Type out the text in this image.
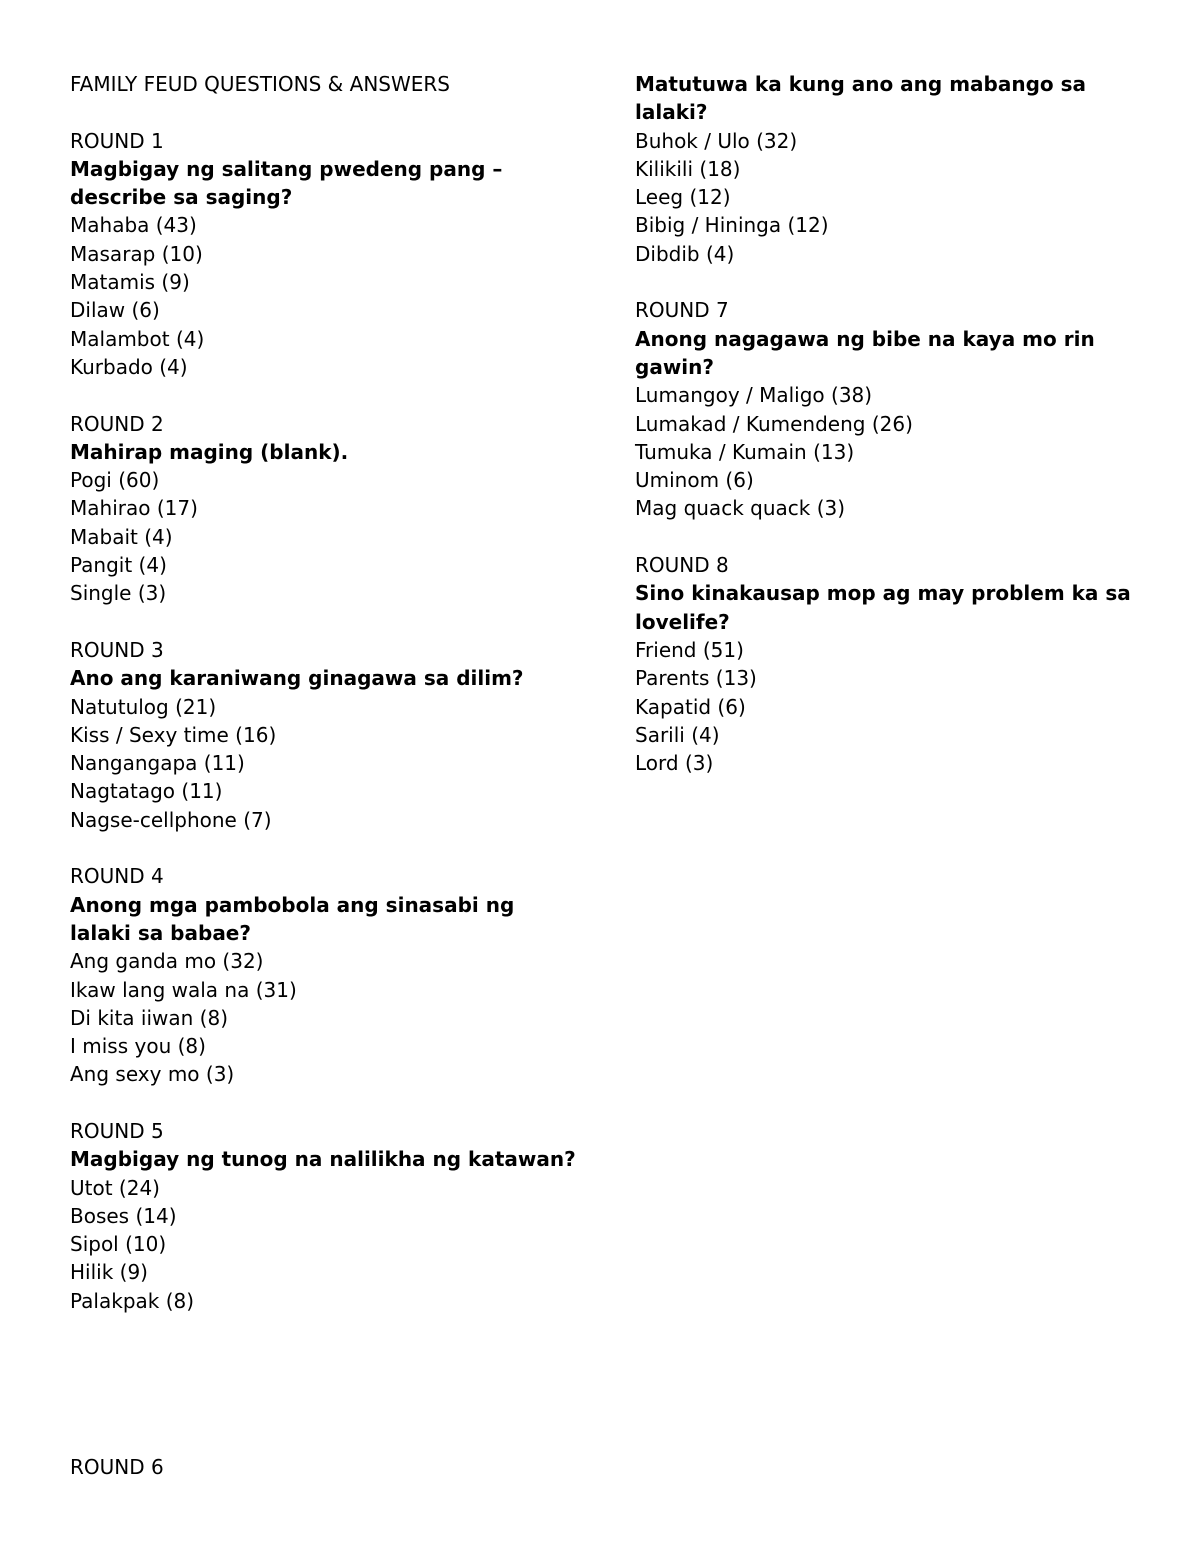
FAMILY FEUD QUESTIONS & ANSWERS

ROUND 1

Magbigay ng salitang pwedeng pang – describe sa saging?

Mahaba (43)

Masarap (10)

Matamis (9)

Dilaw (6)

Malambot (4)

Kurbado (4)

ROUND 2

Mahirap maging (blank).

Pogi (60)

Mahirao (17)

Mabait (4)

Pangit (4)

Single (3)

ROUND 3

Ano ang karaniwang ginagawa sa dilim?

Natutulog (21)

Kiss / Sexy time (16)

Nangangapa (11)

Nagtatago (11)

Nagse-cellphone (7)

ROUND 4

Anong mga pambobola ang sinasabi ng lalaki sa babae?

Ang ganda mo (32)

Ikaw lang wala na (31)

Di kita iiwan (8)

I miss you (8)

Ang sexy mo (3)

ROUND 5

Magbigay ng tunog na nalilikha ng katawan?

Utot (24)

Boses (14)

Sipol (10)

Hilik (9)

Palakpak (8)

ROUND 6

Matutuwa ka kung ano ang mabango sa lalaki?

Buhok / Ulo (32)

Kilikili (18)

Leeg (12)

Bibig / Hininga (12)

Dibdib (4)

ROUND 7

Anong nagagawa ng bibe na kaya mo rin gawin?

Lumangoy / Maligo (38)

Lumakad / Kumendeng (26)

Tumuka / Kumain (13)

Uminom (6)

Mag quack quack (3)

ROUND 8

Sino kinakausap mop ag may problem ka sa lovelife?

Friend (51)

Parents (13)

Kapatid (6)

Sarili (4)

Lord (3)
